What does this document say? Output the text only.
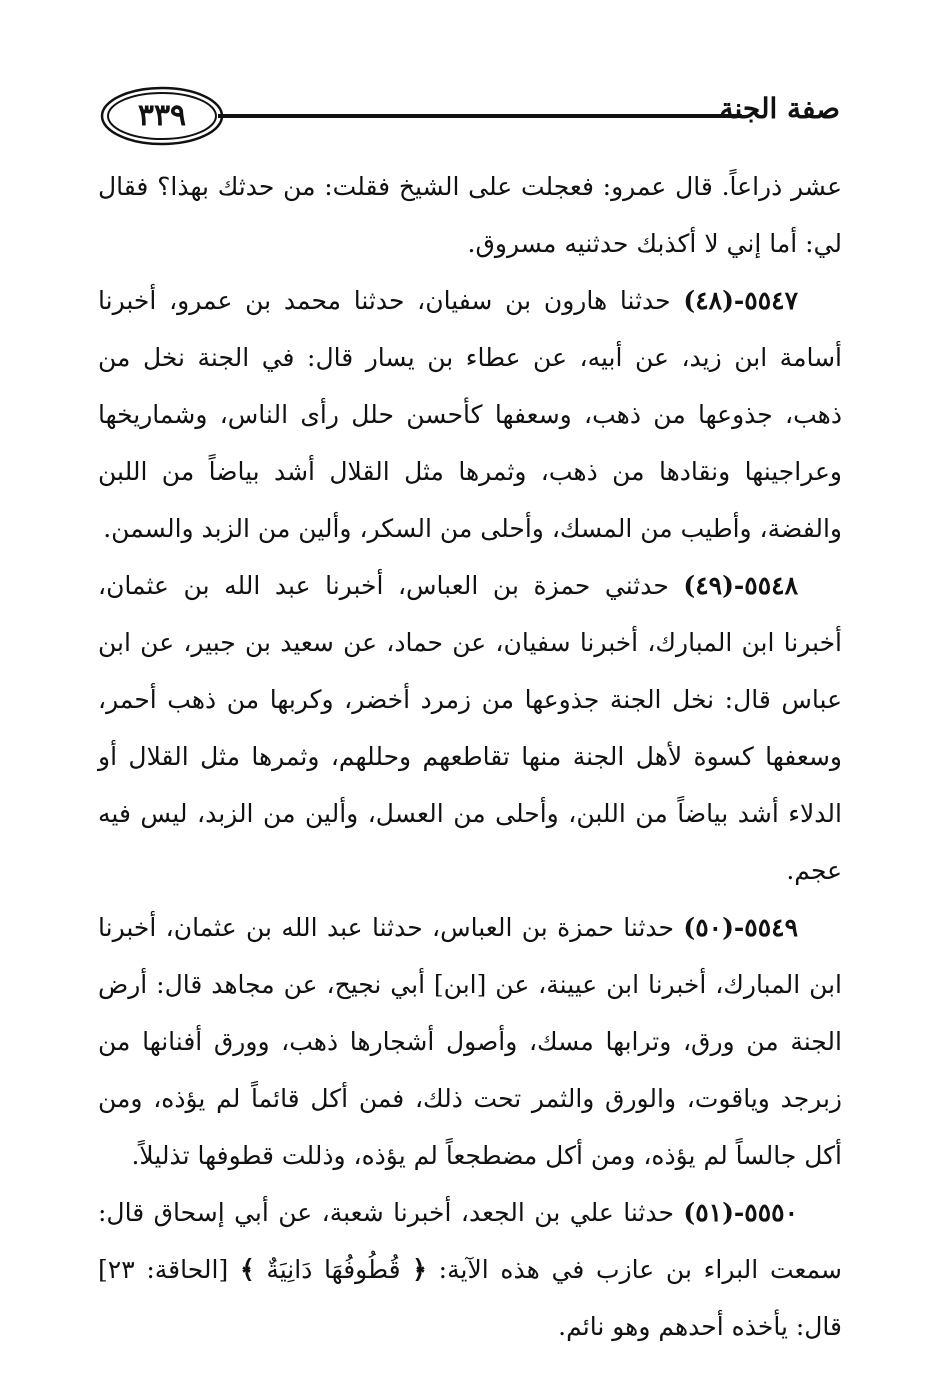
٣٣٩	صفة الجنة

عشر ذراعاً. قال عمرو: فعجلت على الشيخ فقلت: من حدثك بهذا؟ فقال لي: أما إني لا أكذبك حدثنيه مسروق.

٥٥٤٧-(٤٨) حدثنا هارون بن سفيان، حدثنا محمد بن عمرو، أخبرنا أسامة ابن زيد، عن أبيه، عن عطاء بن يسار قال: في الجنة نخل من ذهب، جذوعها من ذهب، وسعفها كأحسن حلل رأى الناس، وشماريخها وعراجينها ونقادها من ذهب، وثمرها مثل القلال أشد بياضاً من اللبن والفضة، وأطيب من المسك، وأحلى من السكر، وألين من الزبد والسمن.

٥٥٤٨-(٤٩) حدثني حمزة بن العباس، أخبرنا عبد الله بن عثمان، أخبرنا ابن المبارك، أخبرنا سفيان، عن حماد، عن سعيد بن جبير، عن ابن عباس قال: نخل الجنة جذوعها من زمرد أخضر، وكربها من ذهب أحمر، وسعفها كسوة لأهل الجنة منها تقاطعهم وحللهم، وثمرها مثل القلال أو الدلاء أشد بياضاً من اللبن، وأحلى من العسل، وألين من الزبد، ليس فيه عجم.

٥٥٤٩-(٥٠) حدثنا حمزة بن العباس، حدثنا عبد الله بن عثمان، أخبرنا ابن المبارك، أخبرنا ابن عيينة، عن [ابن] أبي نجيح، عن مجاهد قال: أرض الجنة من ورق، وترابها مسك، وأصول أشجارها ذهب، وورق أفنانها من زبرجد وياقوت، والورق والثمر تحت ذلك، فمن أكل قائماً لم يؤذه، ومن أكل جالساً لم يؤذه، ومن أكل مضطجعاً لم يؤذه، وذللت قطوفها تذليلاً.

٥٥٥٠-(٥١) حدثنا علي بن الجعد، أخبرنا شعبة، عن أبي إسحاق قال: سمعت البراء بن عازب في هذه الآية: ﴿ قُطُوفُهَا دَانِيَةٌ ﴾ [الحاقة: ٢٣] قال: يأخذه أحدهم وهو نائم.
